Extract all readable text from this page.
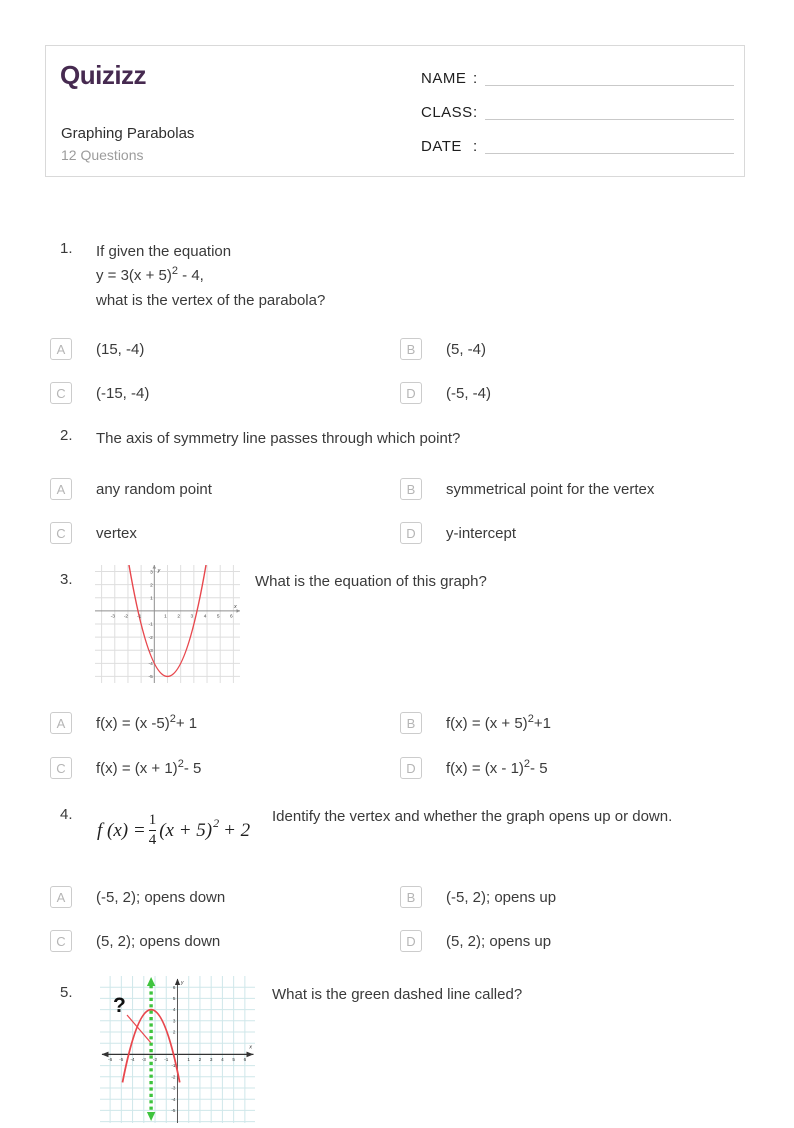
Quizizz
Graphing Parabolas
12 Questions
NAME :
CLASS :
DATE :
1. If given the equation
$y = 3(x + 5)^2 - 4$,
what is the vertex of the parabola?
A	(15, -4)	B	(5, -4)
C	(-15, -4)	D	(-5, -4)
2. The axis of symmetry line passes through which point?
A	any random point	B	symmetrical point for the vertex
C	vertex	D	y-intercept
3.	y
x
-3 -2 -1	1 2 3 4 5 6
3
2
1
-1
-2
-3
-4
-5
What is the equation of this graph?
A	f(x) = (x -5)$^2$+ 1	B	$f(x) = (x + 5)^2+1$
C	$f(x) = (x + 1)^2-$ 5	D	f(x) = (x - 1)$^2$- 5
4.
f $(x) = \frac{1}{4} (x + 5) 2 + 2$
Identify the vertex and whether the graph opens up or down.
A	(-5, 2); opens down	B	(-5, 2); opens up
C	(5, 2); opens down	D	(5, 2); opens up
5.
?
y
x
-6 -5 -4 -3 -2 -1	1 2 3 4 5 6
6
5
4
3
2
-1
-2
-3
-4
-5
What is the green dashed line called?
